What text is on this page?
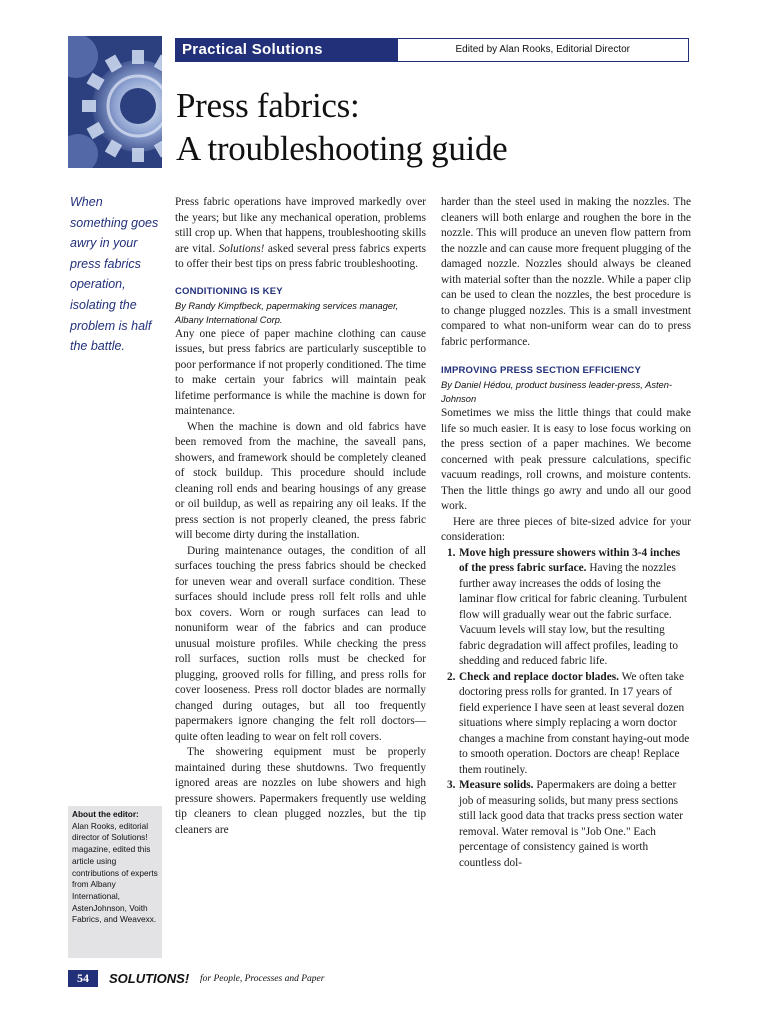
Practical Solutions	Edited by Alan Rooks, Editorial Director
Press fabrics:
A troubleshooting guide
When something goes awry in your press fabrics operation, isolating the problem is half the battle.
About the editor:
Alan Rooks, editorial director of Solutions! magazine, edited this article using contributions of experts from Albany International, AstenJohnson, Voith Fabrics, and Weavexx.

Press fabric operations have improved markedly over the years; but like any mechanical operation, problems still crop up. When that happens, troubleshooting skills are vital. Solutions! asked several press fabrics experts to offer their best tips on press fabric troubleshooting.

CONDITIONING IS KEY

By Randy Kimpfbeck, papermaking services manager, Albany International Corp.

Any one piece of paper machine clothing can cause issues, but press fabrics are particularly susceptible to poor performance if not properly conditioned. The time to make certain your fabrics will maintain peak lifetime performance is while the machine is down for maintenance.

When the machine is down and old fabrics have been removed from the machine, the saveall pans, showers, and framework should be completely cleaned of stock buildup. This procedure should include cleaning roll ends and bearing housings of any grease or oil buildup, as well as repairing any oil leaks. If the press section is not properly cleaned, the press fabric will become dirty during the installation.

During maintenance outages, the condition of all surfaces touching the press fabrics should be checked for uneven wear and overall surface condition. These surfaces should include press roll felt rolls and uhle box covers. Worn or rough surfaces can lead to nonuniform wear of the fabrics and can produce unusual moisture profiles. While checking the press roll surfaces, suction rolls must be checked for plugging, grooved rolls for filling, and press rolls for cover looseness. Press roll doctor blades are normally changed during outages, but all too frequently papermakers ignore changing the felt roll doctors—quite often leading to wear on felt roll covers.

The showering equipment must be properly maintained during these shutdowns. Two frequently ignored areas are nozzles on lube showers and high pressure showers. Papermakers frequently use welding tip cleaners to clean plugged nozzles, but the tip cleaners are

harder than the steel used in making the nozzles. The cleaners will both enlarge and roughen the bore in the nozzle. This will produce an uneven flow pattern from the nozzle and can cause more frequent plugging of the damaged nozzle. Nozzles should always be cleaned with material softer than the nozzle. While a paper clip can be used to clean the nozzles, the best procedure is to change plugged nozzles. This is a small investment compared to what non-uniform wear can do to press fabric performance.

IMPROVING PRESS SECTION EFFICIENCY

By Daniel Hédou, product business leader-press, Asten-Johnson

Sometimes we miss the little things that could make life so much easier. It is easy to lose focus working on the press section of a paper machines. We become concerned with peak pressure calculations, specific vacuum readings, roll crowns, and moisture contents. Then the little things go awry and undo all our good work.

Here are three pieces of bite-sized advice for your consideration:

1. Move high pressure showers within 3-4 inches of the press fabric surface. Having the nozzles further away increases the odds of losing the laminar flow critical for fabric cleaning. Turbulent flow will gradually wear out the fabric surface. Vacuum levels will stay low, but the resulting fabric degradation will affect profiles, leading to shedding and reduced fabric life.
2. Check and replace doctor blades. We often take doctoring press rolls for granted. In 17 years of field experience I have seen at least several dozen situations where simply replacing a worn doctor changes a machine from constant haying-out mode to smooth operation. Doctors are cheap! Replace them routinely.
3. Measure solids. Papermakers are doing a better job of measuring solids, but many press sections still lack good data that tracks press section water removal. Water removal is "Job One." Each percentage of consistency gained is worth countless dol-
54	SOLUTIONS! for People, Processes and Paper
